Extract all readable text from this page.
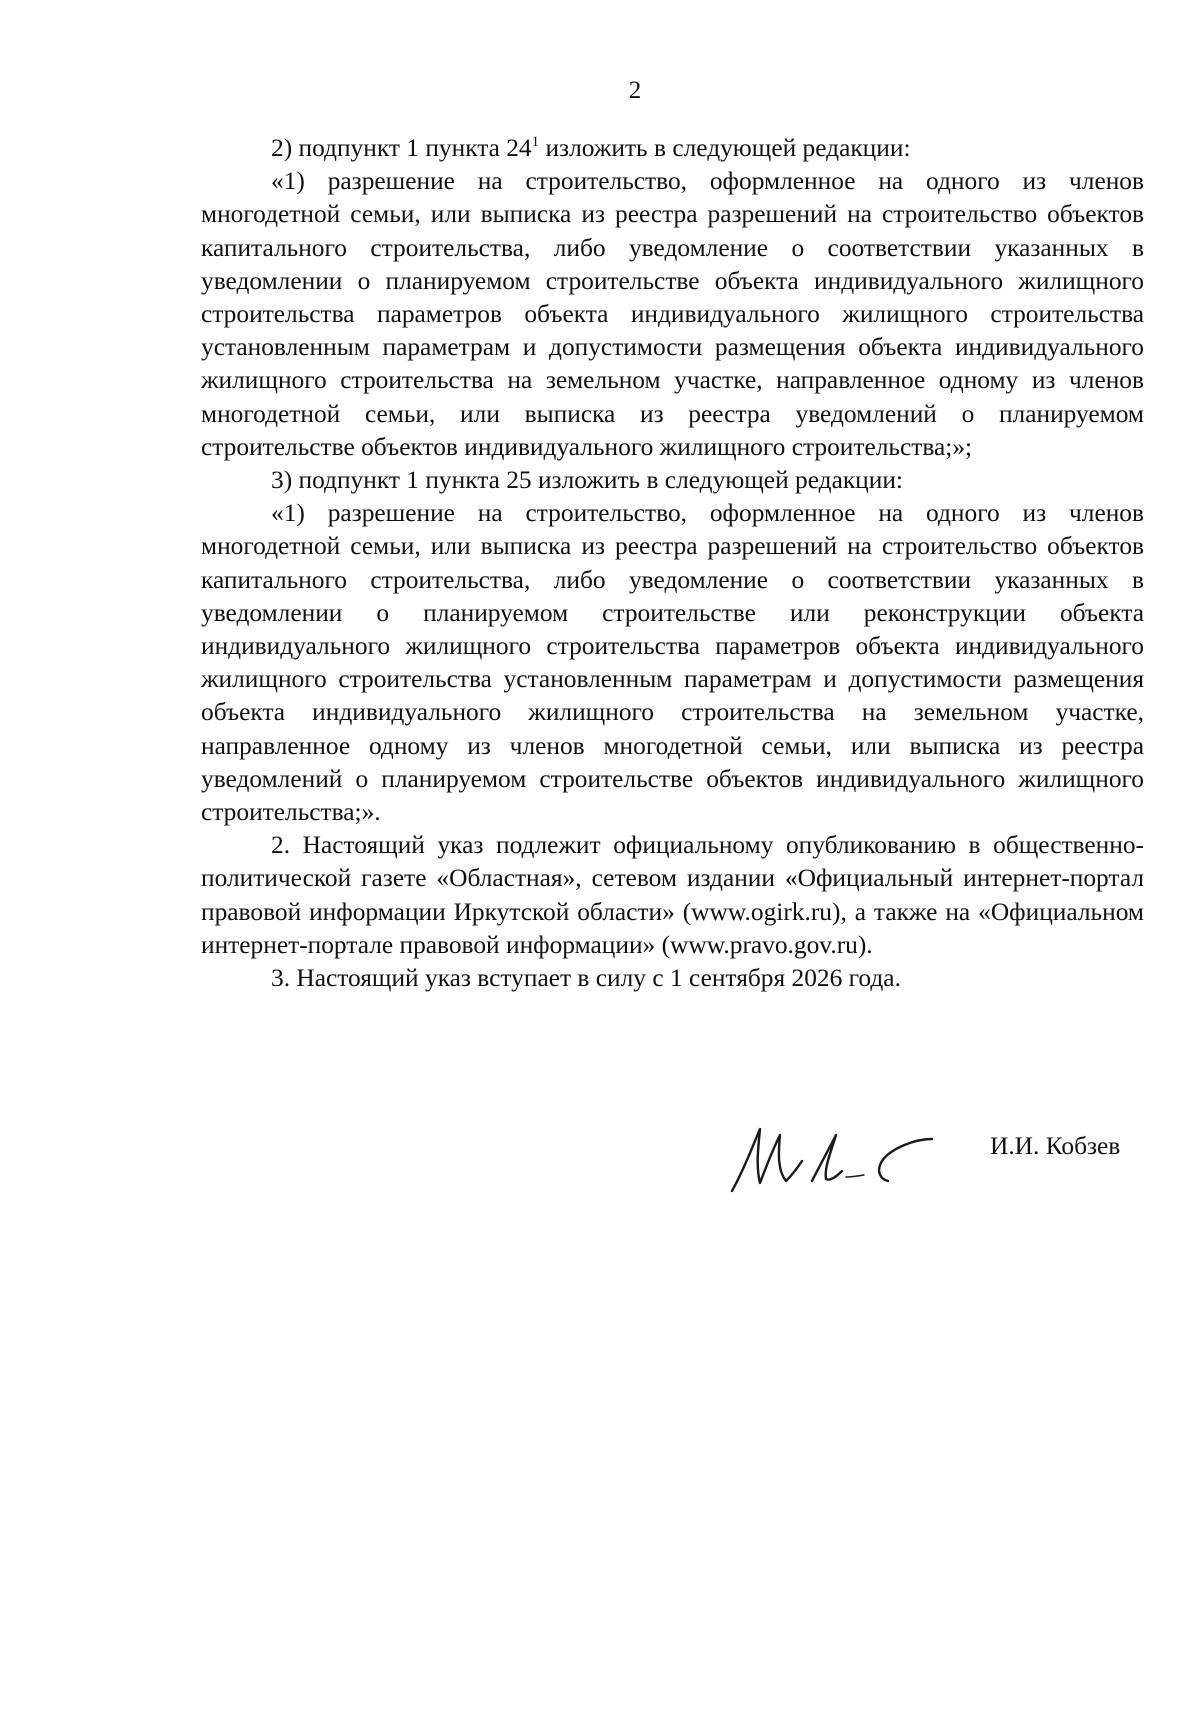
2

2) подпункт 1 пункта $24^1$ изложить в следующей редакции:

«1) разрешение на строительство, оформленное на одного из членов многодетной семьи, или выписка из реестра разрешений на строительство объектов капитального строительства, либо уведомление о соответствии указанных в уведомлении о планируемом строительстве объекта индивидуального жилищного строительства параметров объекта индивидуального жилищного строительства установленным параметрам и допустимости размещения объекта индивидуального жилищного строительства на земельном участке, направленное одному из членов многодетной семьи, или выписка из реестра уведомлений о планируемом строительстве объектов индивидуального жилищного строительства;»;

3) подпункт 1 пункта 25 изложить в следующей редакции:

«1) разрешение на строительство, оформленное на одного из членов многодетной семьи, или выписка из реестра разрешений на строительство объектов капитального строительства, либо уведомление о соответствии указанных в уведомлении о планируемом строительстве или реконструкции объекта индивидуального жилищного строительства параметров объекта индивидуального жилищного строительства установленным параметрам и допустимости размещения объекта индивидуального жилищного строительства на земельном участке, направленное одному из членов многодетной семьи, или выписка из реестра уведомлений о планируемом строительстве объектов индивидуального жилищного строительства;».

2. Настоящий указ подлежит официальному опубликованию в общественно-политической газете «Областная», сетевом издании «Официальный интернет-портал правовой информации Иркутской области» (www.ogirk.ru), а также на «Официальном интернет-портале правовой информации» (www.pravo.gov.ru).

3. Настоящий указ вступает в силу с 1 сентября 2026 года.

И.И. Кобзев
